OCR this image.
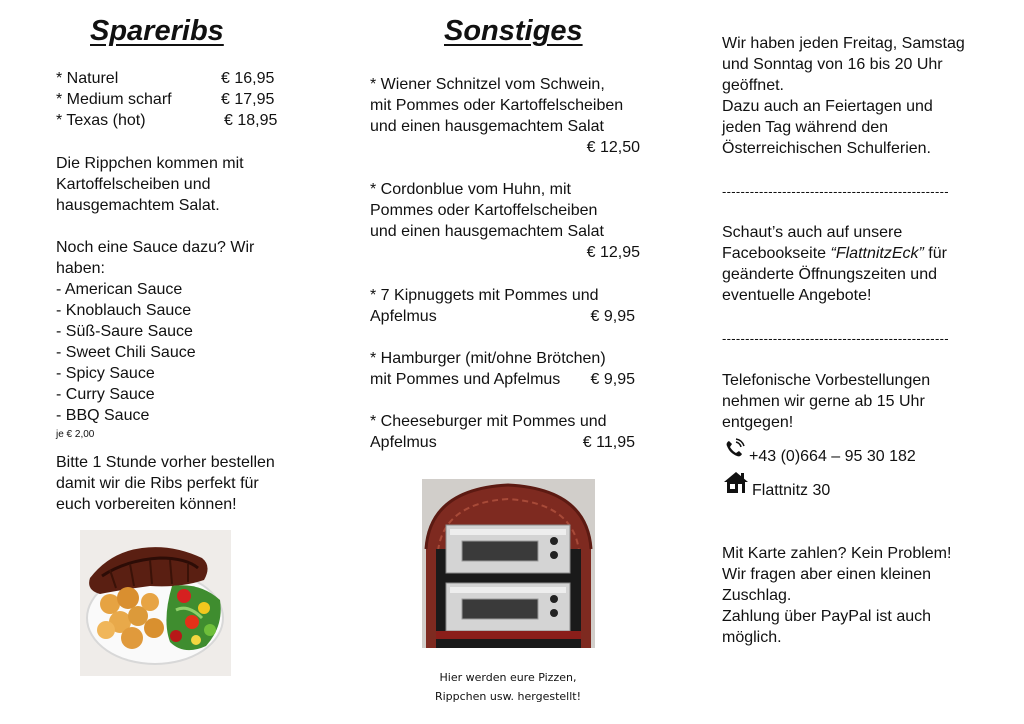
Spareribs
* Naturel	€ 16,95
* Medium scharf	€ 17,95
* Texas (hot)	€ 18,95
Die Rippchen kommen mit
Kartoffelscheiben und
hausgemachtem Salat.
Noch eine Sauce dazu? Wir
haben:
- American Sauce
- Knoblauch Sauce
- Süß-Saure Sauce
- Sweet Chili Sauce
- Spicy Sauce
- Curry Sauce
- BBQ Sauce
je € 2,00
Bitte 1 Stunde vorher bestellen
damit wir die Ribs perfekt für
euch vorbereiten können!
Sonstiges
* Wiener Schnitzel vom Schwein,
mit Pommes oder Kartoffelscheiben
und einen hausgemachtem Salat
€ 12,50
* Cordonblue vom Huhn, mit
Pommes oder Kartoffelscheiben
und einen hausgemachtem Salat
€ 12,95
* 7 Kipnuggets mit Pommes und
Apfelmus	€ 9,95
* Hamburger (mit/ohne Brötchen)
mit Pommes und Apfelmus € 9,95
* Cheeseburger mit Pommes und
Apfelmus	€ 11,95
Hier werden eure Pizzen,
Rippchen usw. hergestellt!
Wir haben jeden Freitag, Samstag
und Sonntag von 16 bis 20 Uhr
geöffnet.
Dazu auch an Feiertagen und
jeden Tag während den
Österreichischen Schulferien.
-------------------------------------------------
Schaut’s auch auf unsere
Facebookseite “FlattnitzEck” für
geänderte Öffnungszeiten und
eventuelle Angebote!
-------------------------------------------------
Telefonische Vorbestellungen
nehmen wir gerne ab 15 Uhr
entgegen!
+43 (0)664 – 95 30 182
Flattnitz 30
Mit Karte zahlen? Kein Problem!
Wir fragen aber einen kleinen
Zuschlag.
Zahlung über PayPal ist auch
möglich.
